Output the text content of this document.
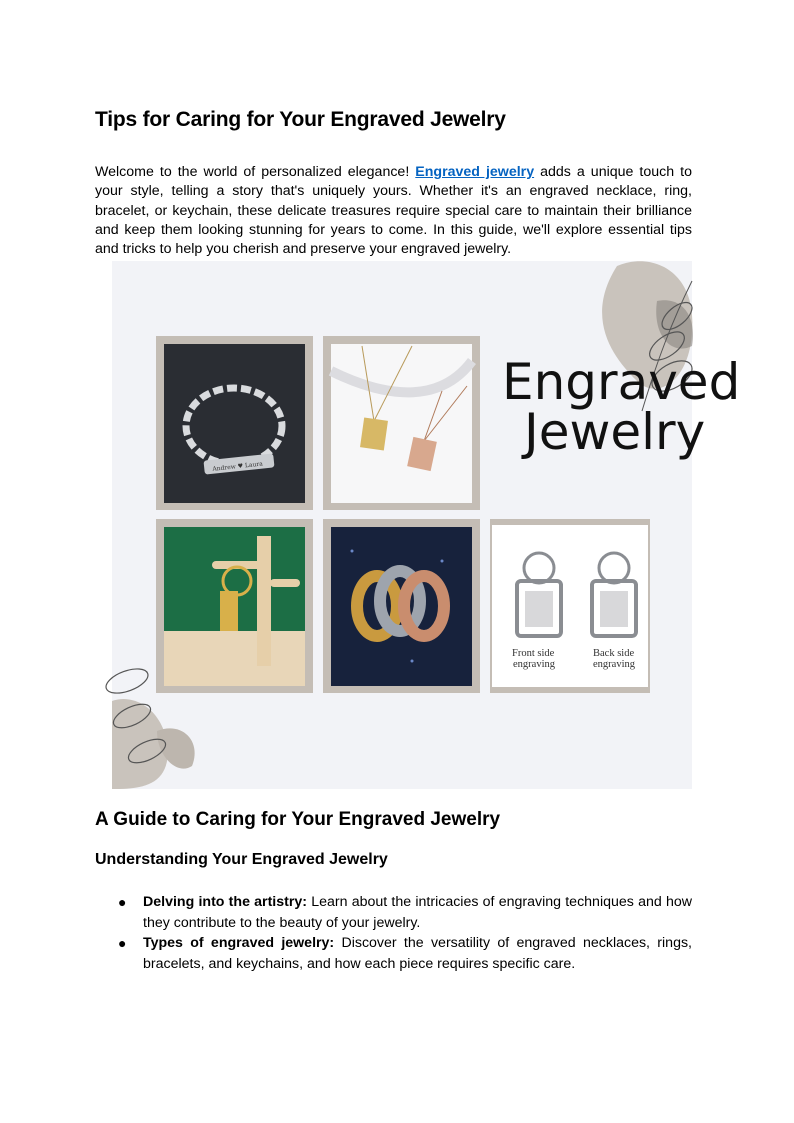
Tips for Caring for Your Engraved Jewelry

Welcome to the world of personalized elegance! Engraved jewelry adds a unique touch to your style, telling a story that's uniquely yours. Whether it's an engraved necklace, ring, bracelet, or keychain, these delicate treasures require special care to maintain their brilliance and keep them looking stunning for years to come. In this guide, we'll explore essential tips and tricks to help you cherish and preserve your engraved jewelry.

Andrew ♥ Laura
Engraved
Jewelry
Front side
engraving
Back side
engraving
A Guide to Caring for Your Engraved Jewelry
Understanding Your Engraved Jewelry
● Delving into the artistry: Learn about the intricacies of engraving techniques and how they contribute to the beauty of your jewelry.
● Types of engraved jewelry: Discover the versatility of engraved necklaces, rings, bracelets, and keychains, and how each piece requires specific care.
